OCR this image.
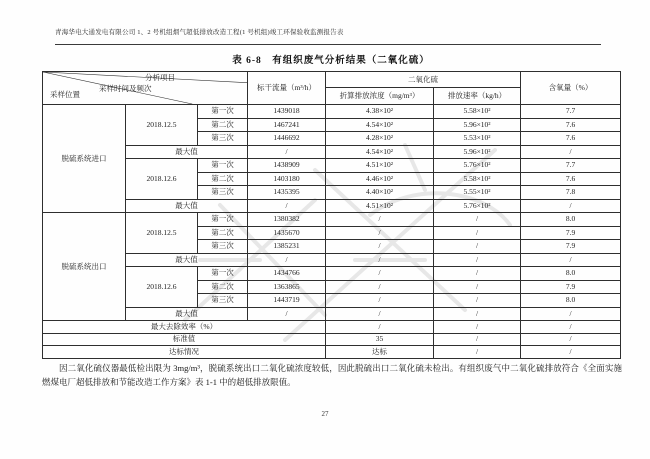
青海华电大通发电有限公司 1、2 号机组烟气超低排放改造工程(1 号机组)竣工环保验收监测报告表
表 6-8　有组织废气分析结果（二氧化硫）
分析项目
采样时间及频次
采样位置			标干流量（m³/h）	二氧化硫		含氧量（%）
				折算排放浓度（mg/m³）	排放速率（kg/h）	
脱硫系统进口	2018.12.5	第一次	1439018	4.38×10²	5.58×10²	7.7
		第二次	1467241	4.54×10²	5.96×10²	7.6
		第三次	1446692	4.28×10²	5.53×10²	7.6
	最大值		/	4.54×10²	5.96×10²	/
	2018.12.6	第一次	1438909	4.51×10²	5.76×10²	7.7
		第二次	1403180	4.46×10²	5.58×10²	7.6
		第三次	1435395	4.40×10²	5.55×10²	7.8
	最大值		/	4.51×10²	5.76×10²	/
脱硫系统出口	2018.12.5	第一次	1380382	/	/	8.0
		第二次	1435670	/	/	7.9
		第三次	1385231	/	/	7.9
	最大值		/	/	/	/
	2018.12.6	第一次	1434766	/	/	8.0
		第二次	1363865	/	/	7.9
		第三次	1443719	/	/	8.0
	最大值		/	/	/	/
最大去除效率（%）				/	/	/
标准值				35	/	/
达标情况				达标	/	/
因二氧化硫仪器最低检出限为 3mg/m³，脱硫系统出口二氧化硫浓度较低，因此脱硫出口二氧化硫未检出。有组织废气中二氧化硫排放符合《全面实施燃煤电厂超低排放和节能改造工作方案》表 1-1 中的超低排放限值。
27
